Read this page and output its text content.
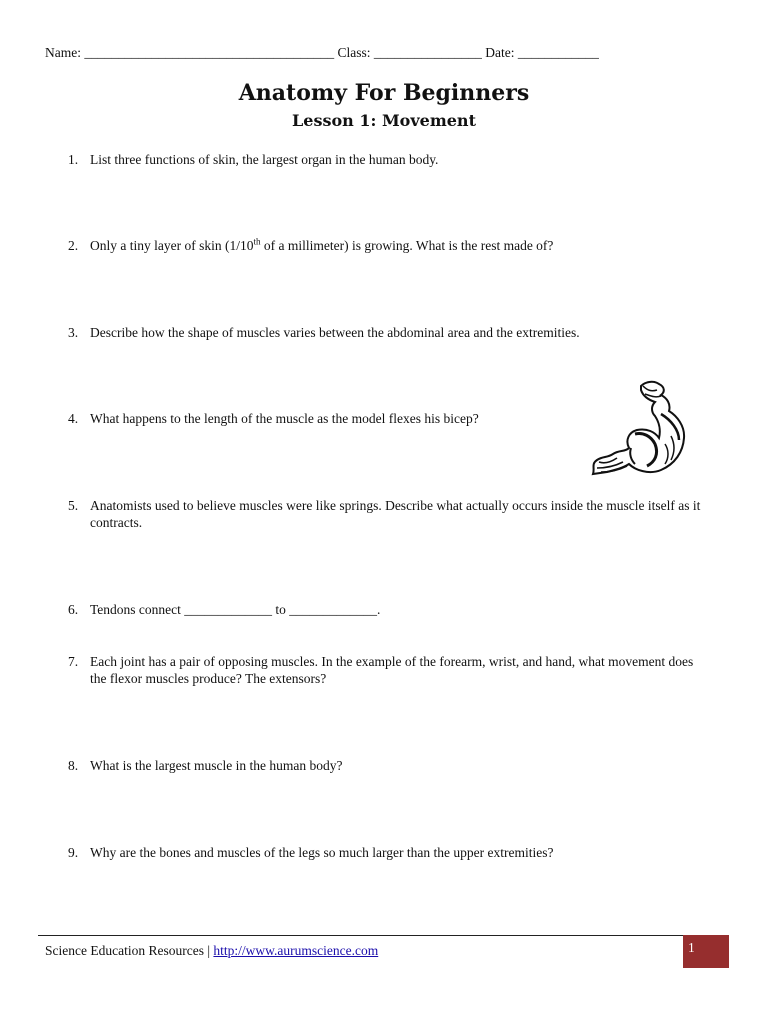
Name: _____________________________________ Class: ________________ Date: ____________
Anatomy For Beginners
Lesson 1: Movement
1. List three functions of skin, the largest organ in the human body.
2. Only a tiny layer of skin (1/10th of a millimeter) is growing. What is the rest made of?
3. Describe how the shape of muscles varies between the abdominal area and the extremities.
4. What happens to the length of the muscle as the model flexes his bicep?
5. Anatomists used to believe muscles were like springs. Describe what actually occurs inside the muscle itself as it contracts.
6. Tendons connect _____________ to _____________.
7. Each joint has a pair of opposing muscles. In the example of the forearm, wrist, and hand, what movement does the flexor muscles produce? The extensors?
8. What is the largest muscle in the human body?
9. Why are the bones and muscles of the legs so much larger than the upper extremities?
Science Education Resources | http://www.aurumscience.com	1
